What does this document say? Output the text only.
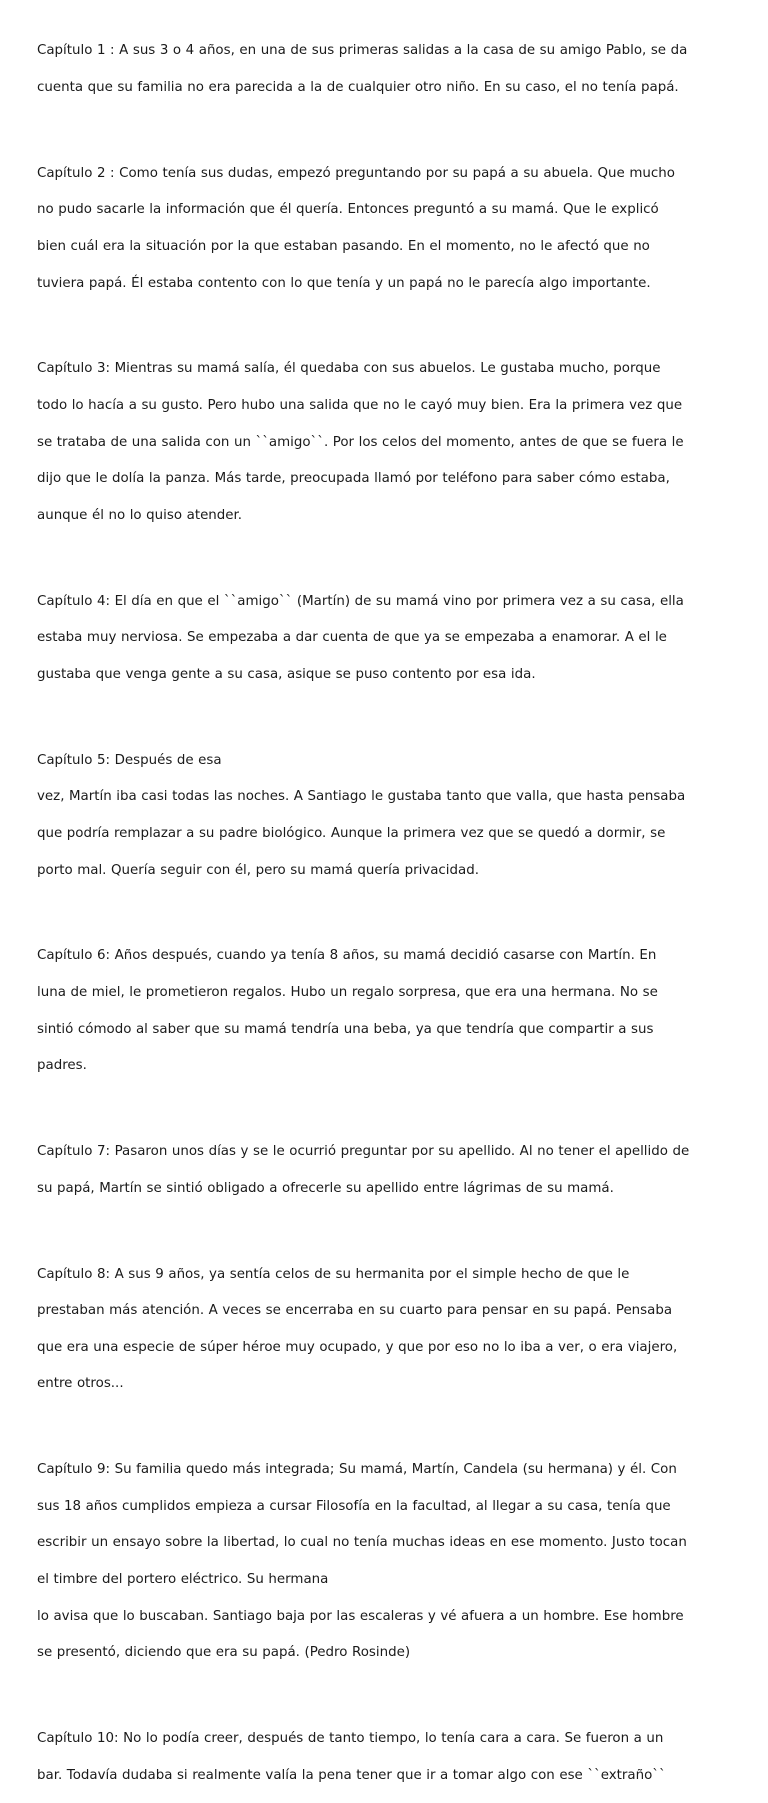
Capítulo 1 : A sus 3 o 4 años, en una de sus primeras salidas a la casa de su amigo Pablo, se da

cuenta que su familia no era parecida a la de cualquier otro niño. En su caso, el no tenía papá.

Capítulo 2 : Como tenía sus dudas, empezó preguntando por su papá a su abuela. Que mucho

no pudo sacarle la información que él quería. Entonces preguntó a su mamá. Que le explicó

bien cuál era la situación por la que estaban pasando. En el momento, no le afectó que no

tuviera papá. Él estaba contento con lo que tenía y un papá no le parecía algo importante.

Capítulo 3: Mientras su mamá salía, él quedaba con sus abuelos. Le gustaba mucho, porque

todo lo hacía a su gusto. Pero hubo una salida que no le cayó muy bien. Era la primera vez que

se trataba de una salida con un ``amigo``. Por los celos del momento, antes de que se fuera le

dijo que le dolía la panza. Más tarde, preocupada llamó por teléfono para saber cómo estaba,

aunque él no lo quiso atender.

Capítulo 4: El día en que el ``amigo`` (Martín) de su mamá vino por primera vez a su casa, ella

estaba muy nerviosa. Se empezaba a dar cuenta de que ya se empezaba a enamorar. A el le

gustaba que venga gente a su casa, asique se puso contento por esa ida.

Capítulo 5: Después de esa

vez, Martín iba casi todas las noches. A Santiago le gustaba tanto que valla, que hasta pensaba

que podría remplazar a su padre biológico. Aunque la primera vez que se quedó a dormir, se

porto mal. Quería seguir con él, pero su mamá quería privacidad.

Capítulo 6: Años después, cuando ya tenía 8 años, su mamá decidió casarse con Martín. En

luna de miel, le prometieron regalos. Hubo un regalo sorpresa, que era una hermana. No se

sintió cómodo al saber que su mamá tendría una beba, ya que tendría que compartir a sus

padres.

Capítulo 7: Pasaron unos días y se le ocurrió preguntar por su apellido. Al no tener el apellido de

su papá, Martín se sintió obligado a ofrecerle su apellido entre lágrimas de su mamá.

Capítulo 8: A sus 9 años, ya sentía celos de su hermanita por el simple hecho de que le

prestaban más atención. A veces se encerraba en su cuarto para pensar en su papá. Pensaba

que era una especie de súper héroe muy ocupado, y que por eso no lo iba a ver, o era viajero,

entre otros...

Capítulo 9: Su familia quedo más integrada; Su mamá, Martín, Candela (su hermana) y él. Con

sus 18 años cumplidos empieza a cursar Filosofía en la facultad, al llegar a su casa, tenía que

escribir un ensayo sobre la libertad, lo cual no tenía muchas ideas en ese momento. Justo tocan

el timbre del portero eléctrico. Su hermana

lo avisa que lo buscaban. Santiago baja por las escaleras y vé afuera a un hombre. Ese hombre

se presentó, diciendo que era su papá. (Pedro Rosinde)

Capítulo 10: No lo podía creer, después de tanto tiempo, lo tenía cara a cara. Se fueron a un

bar. Todavía dudaba si realmente valía la pena tener que ir a tomar algo con ese ``extraño``
